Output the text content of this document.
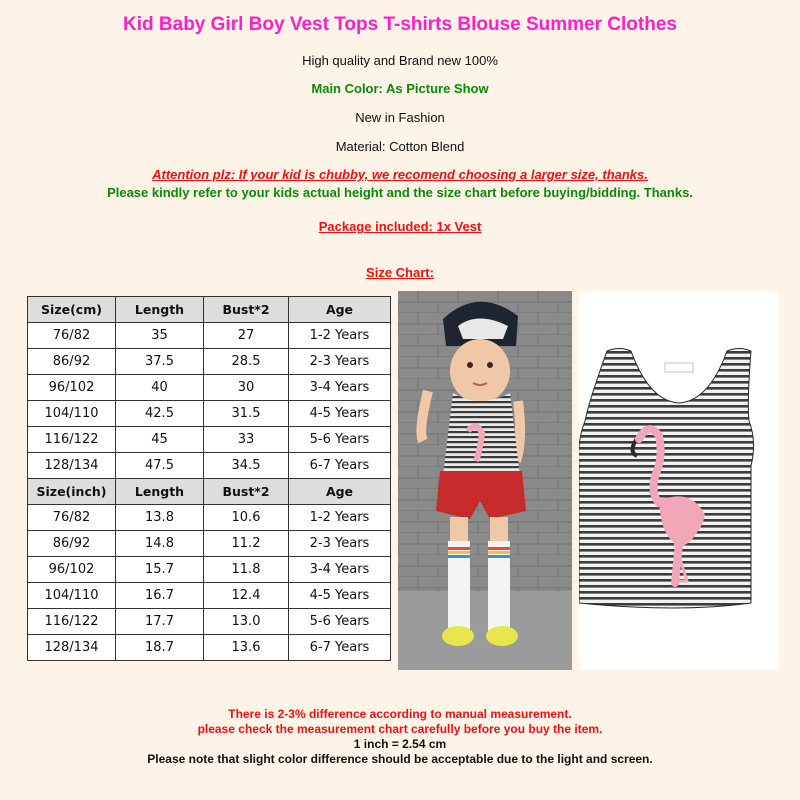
Kid Baby Girl Boy Vest Tops T-shirts Blouse Summer Clothes
High quality and Brand new 100%
Main Color: As Picture Show
New in Fashion
Material: Cotton Blend
Attention plz: If your kid is chubby, we recomend choosing a larger size, thanks.
Please kindly refer to your kids actual height and the size chart before buying/bidding. Thanks.
Package included: 1x Vest
Size Chart:
Size(cm)	Length	Bust*2	Age
76/82	35	27	1-2 Years
86/92	37.5	28.5	2-3 Years
96/102	40	30	3-4 Years
104/110	42.5	31.5	4-5 Years
116/122	45	33	5-6 Years
128/134	47.5	34.5	6-7 Years
Size(inch)	Length	Bust*2	Age
76/82	13.8	10.6	1-2 Years
86/92	14.8	11.2	2-3 Years
96/102	15.7	11.8	3-4 Years
104/110	16.7	12.4	4-5 Years
116/122	17.7	13.0	5-6 Years
128/134	18.7	13.6	6-7 Years
There is 2-3% difference according to manual measurement.
please check the measurement chart carefully before you buy the item.
1 inch = 2.54 cm
Please note that slight color difference should be acceptable due to the light and screen.
